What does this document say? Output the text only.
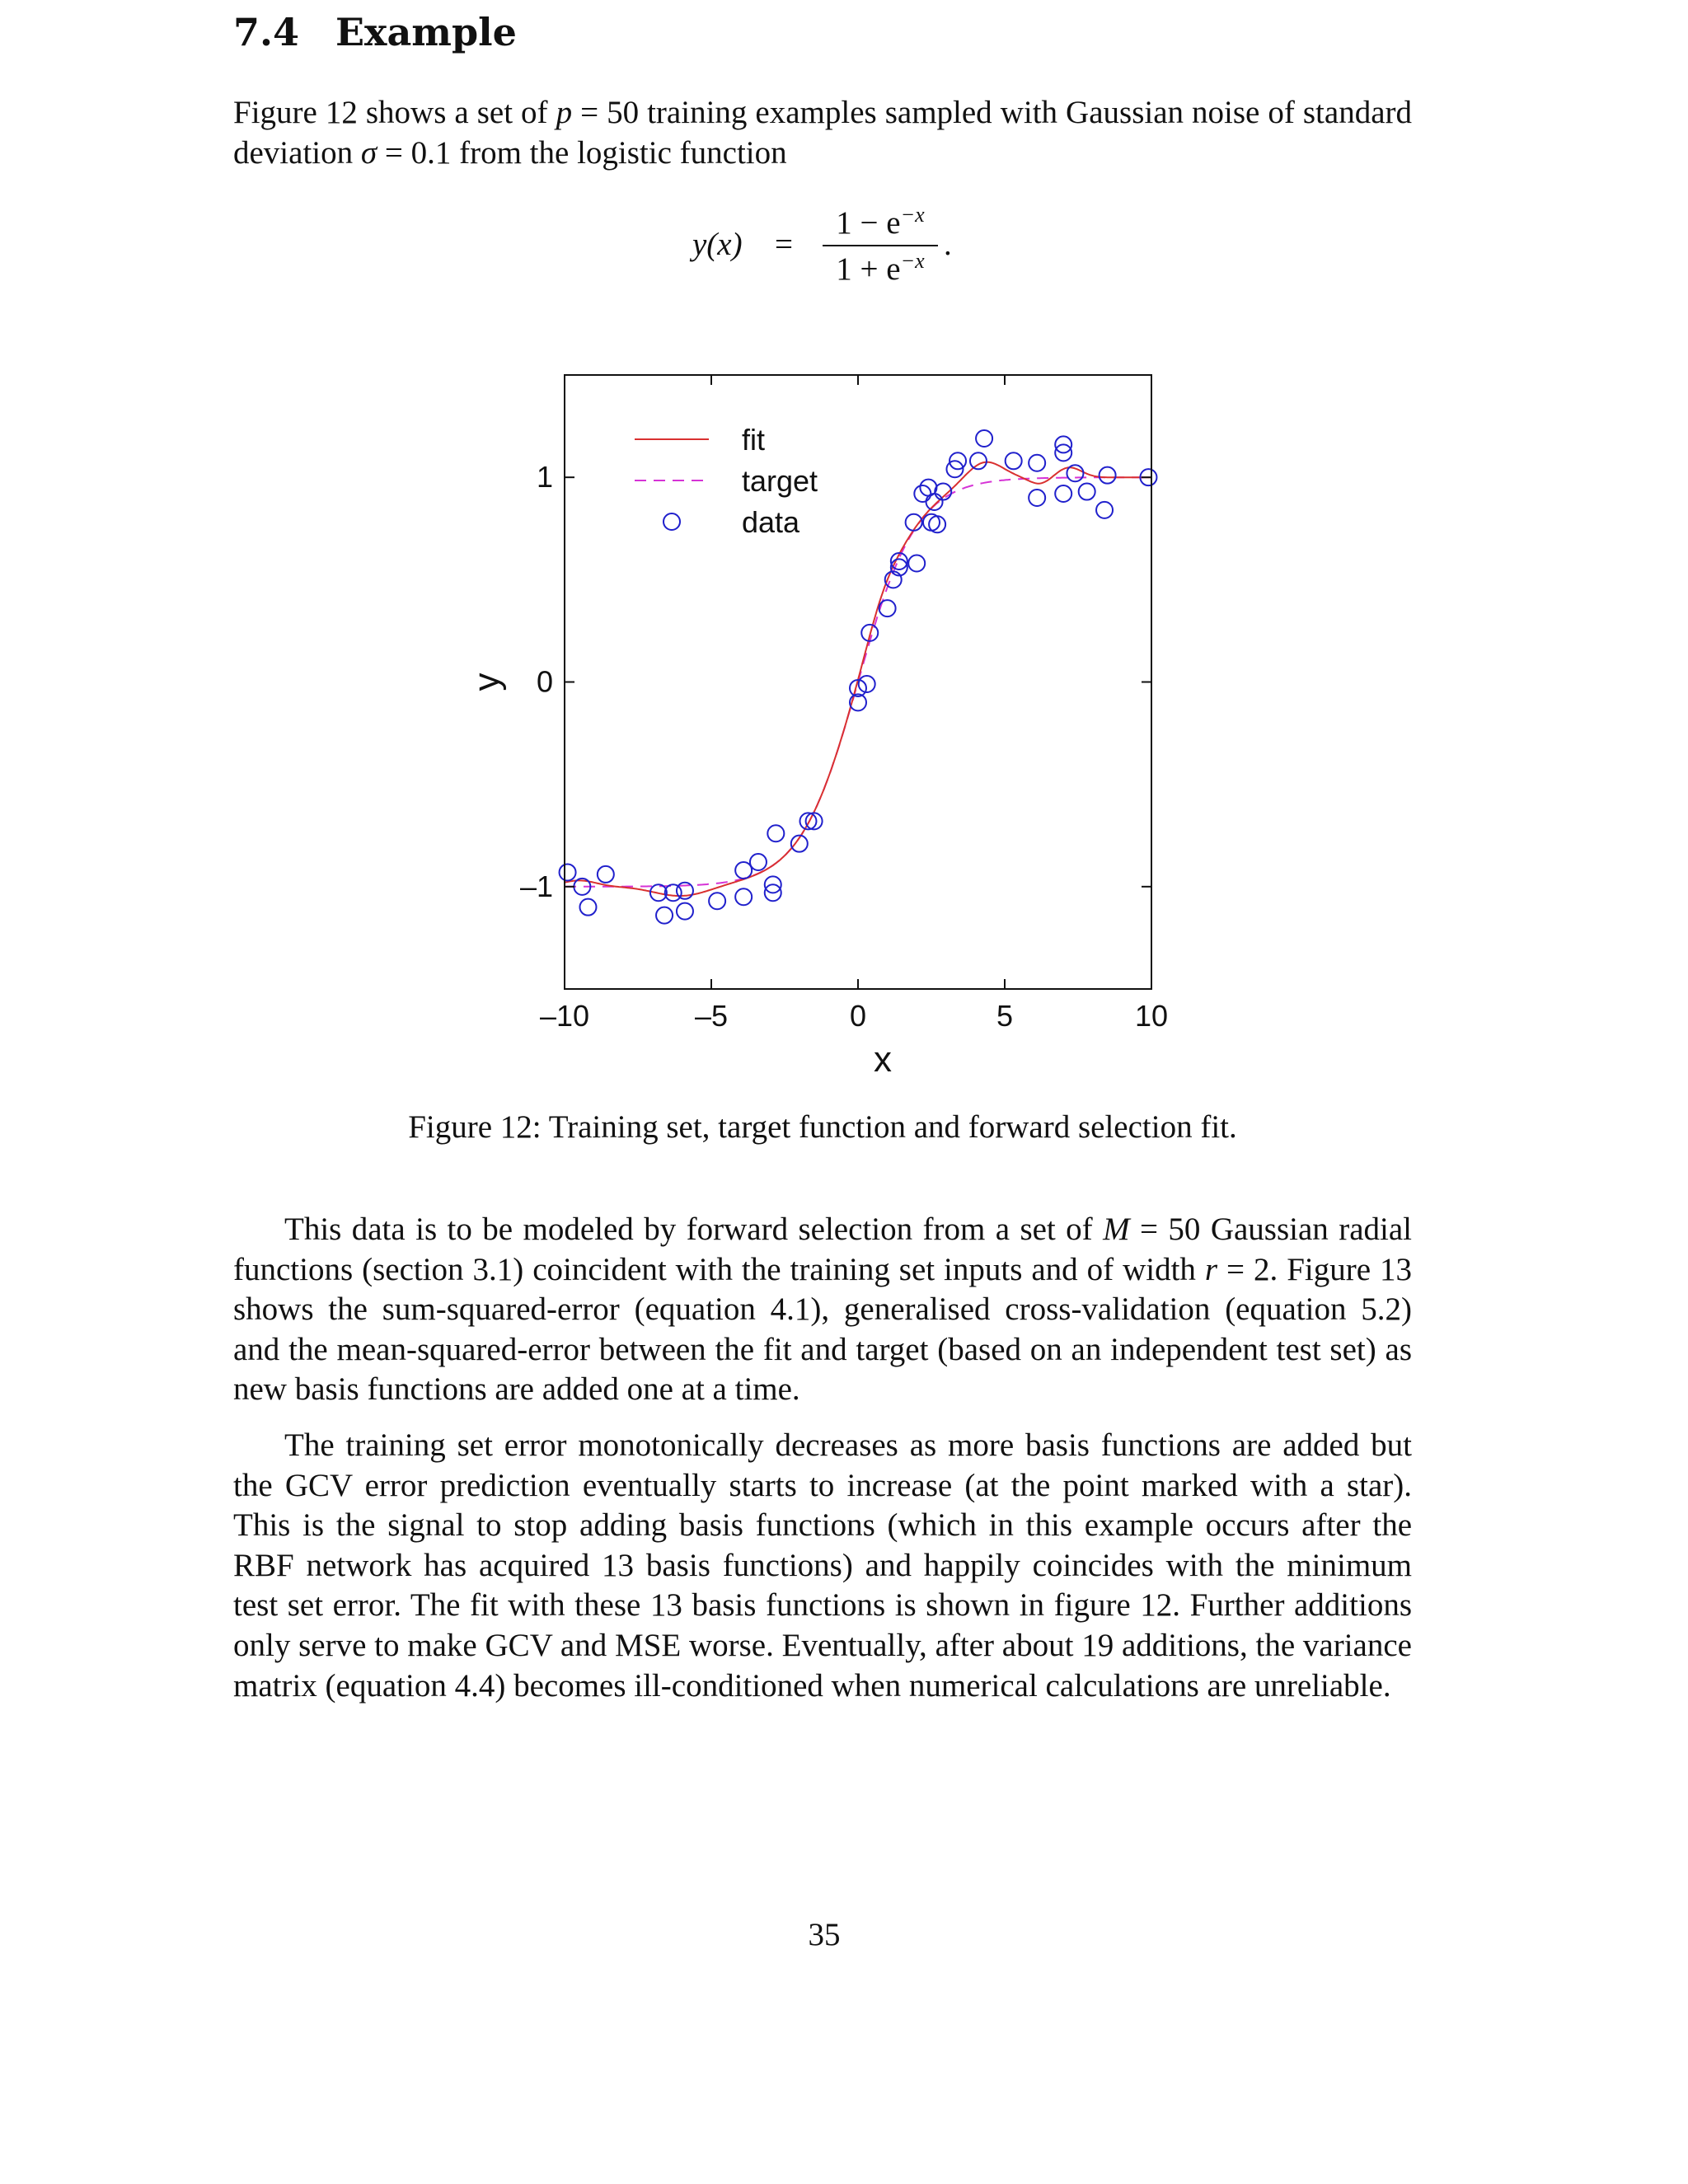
7.4 Example

Figure 12 shows a set of p = 50 training examples sampled with Gaussian noise of standard deviation σ = 0.1 from the logistic function

y(x) =
$1 - e^{-x}$
$1 + e^{-x}$ .
–10	–5	0	5	10
–1
0
1
x
y
fit
target
data

Figure 12: Training set, target function and forward selection fit.

This data is to be modeled by forward selection from a set of M = 50 Gaussian radial functions (section 3.1) coincident with the training set inputs and of width r = 2. Figure 13 shows the sum-squared-error (equation 4.1), generalised cross-validation (equation 5.2) and the mean-squared-error between the fit and target (based on an independent test set) as new basis functions are added one at a time.

The training set error monotonically decreases as more basis functions are added but the GCV error prediction eventually starts to increase (at the point marked with a star). This is the signal to stop adding basis functions (which in this example occurs after the RBF network has acquired 13 basis functions) and happily coincides with the minimum test set error. The fit with these 13 basis functions is shown in figure 12. Further additions only serve to make GCV and MSE worse. Eventually, after about 19 additions, the variance matrix (equation 4.4) becomes ill-conditioned when numerical calculations are unreliable.

35
